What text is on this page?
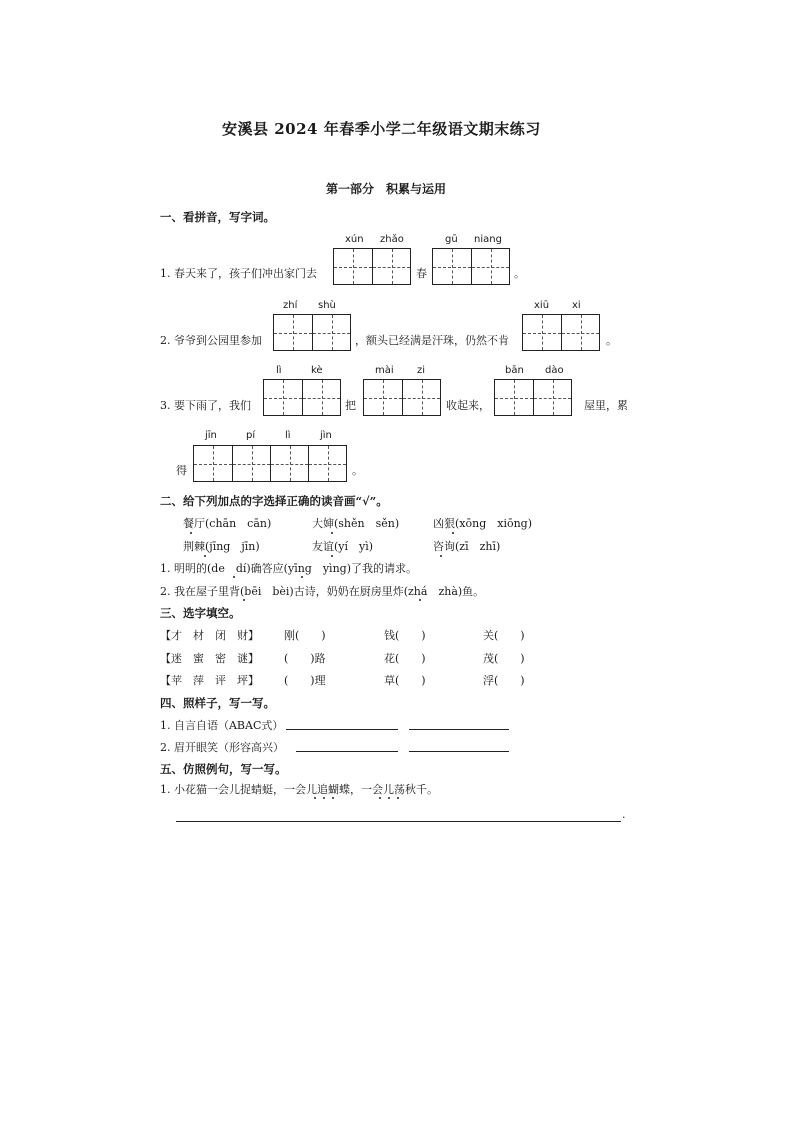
安溪县 2024 年春季小学二年级语文期末练习
第一部分　积累与运用
一、看拼音，写字词。
1. 春天来了，孩子们冲出家门去
xún zhǎo
春
gū niang
。
2. 爷爷到公园里参加
zhí shù
，额头已经满是汗珠，仍然不肯
xiū xi
。
3. 要下雨了，我们
lì	kè
把
mài zi
收起来，
bān dào
屋里，累
得
jīn	pí	lì	jìn
。
二、给下列加点的字选择正确的读音画“√”。
餐厅(chān　cān)	大婶(shěn　sěn)	凶狠(xōng　xiōng)
荆棘(jīng　jīn)	友谊(yí　yì)	咨询(zī　zhī)
1. 明明的(de　dí)确答应(yīng　yìng)了我的请求。
2. 我在屋子里背(bēi　bèi)古诗，奶奶在厨房里炸(zhá　zhà)鱼。
三、选字填空。
【才　材　闭　财】 刚(　　)	钱(　　)	关(　　)
【迷　蜜　密　谜】 (　　)路	花(　　)	茂(　　)
【苹　萍　评　坪】 (　　)理	草(　　)	浮(　　)
四、照样子，写一写。
1. 自言自语（ABAC式）
2. 眉开眼笑（形容高兴）
五、仿照例句，写一写。
1. 小花猫一会儿捉蜻蜓，一会儿追蝴蝶，一会儿荡秋千。
.
